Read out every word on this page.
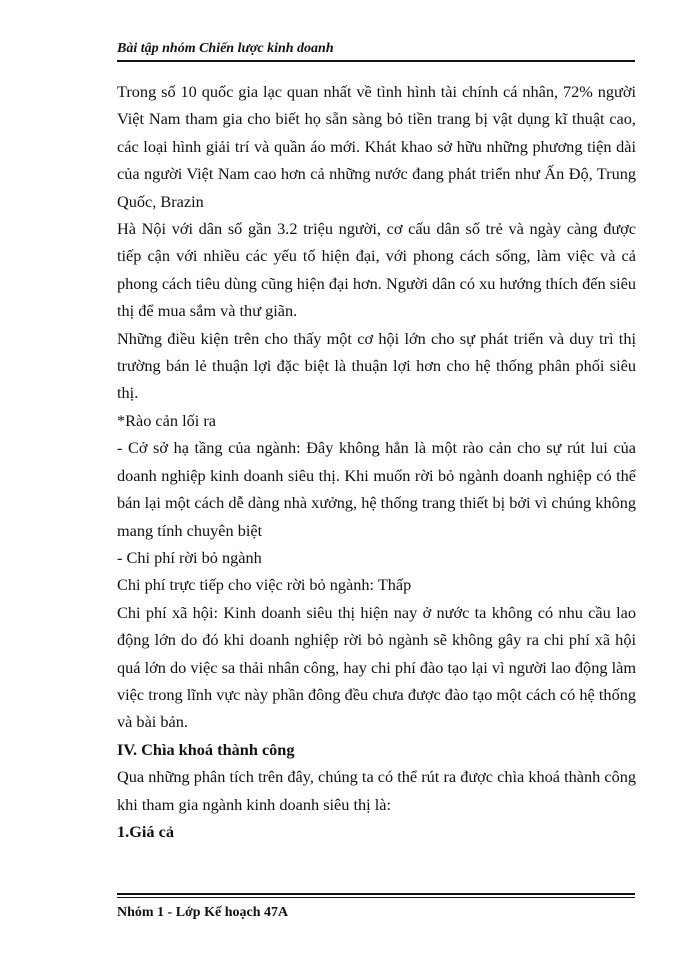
Bài tập nhóm Chiến lược kinh doanh

Trong số 10 quốc gia lạc quan nhất về tình hình tài chính cá nhân, 72% người Việt Nam tham gia cho biết họ sẵn sàng bỏ tiền trang bị vật dụng kĩ thuật cao, các loại hình giải trí và quần áo mới. Khát khao sở hữu những phương tiện dài của người Việt Nam cao hơn cả những nước đang phát triển như Ấn Độ, Trung Quốc, Brazin

Hà Nội với dân số gần 3.2 triệu người, cơ cấu dân số trẻ và ngày càng được tiếp cận với nhiều các yếu tố hiện đại, với phong cách sống, làm việc và cả phong cách tiêu dùng cũng hiện đại hơn. Người dân có xu hướng thích đến siêu thị để mua sắm và thư giãn.

Những điều kiện trên cho thấy một cơ hội lớn cho sự phát triển và duy trì thị trường bán lẻ thuận lợi đặc biệt là thuận lợi hơn cho hệ thống phân phối siêu thị.

*Rào cản lối ra

- Cở sở hạ tầng của ngành: Đây không hẳn là một rào cản cho sự rút lui của doanh nghiệp kinh doanh siêu thị. Khi muốn rời bỏ ngành doanh nghiệp có thể bán lại một cách dễ dàng nhà xưởng, hệ thống trang thiết bị bởi vì chúng không mang tính chuyên biệt

- Chi phí rời bỏ ngành

Chi phí trực tiếp cho việc rời bỏ ngành: Thấp

Chi phí xã hội: Kinh doanh siêu thị hiện nay ở nước ta không có nhu cầu lao động lớn do đó khi doanh nghiệp rời bỏ ngành sẽ không gây ra chi phí xã hội quá lớn do việc sa thải nhân công, hay chi phí đào tạo lại vì người lao động làm việc trong lĩnh vực này phần đông đều chưa được đào tạo một cách có hệ thống và bài bản.

IV. Chìa khoá thành công

Qua những phân tích trên đây, chúng ta có thể rút ra được chìa khoá thành công khi tham gia ngành kinh doanh siêu thị là:

1.Giá cả

Nhóm 1 - Lớp Kế hoạch 47A
